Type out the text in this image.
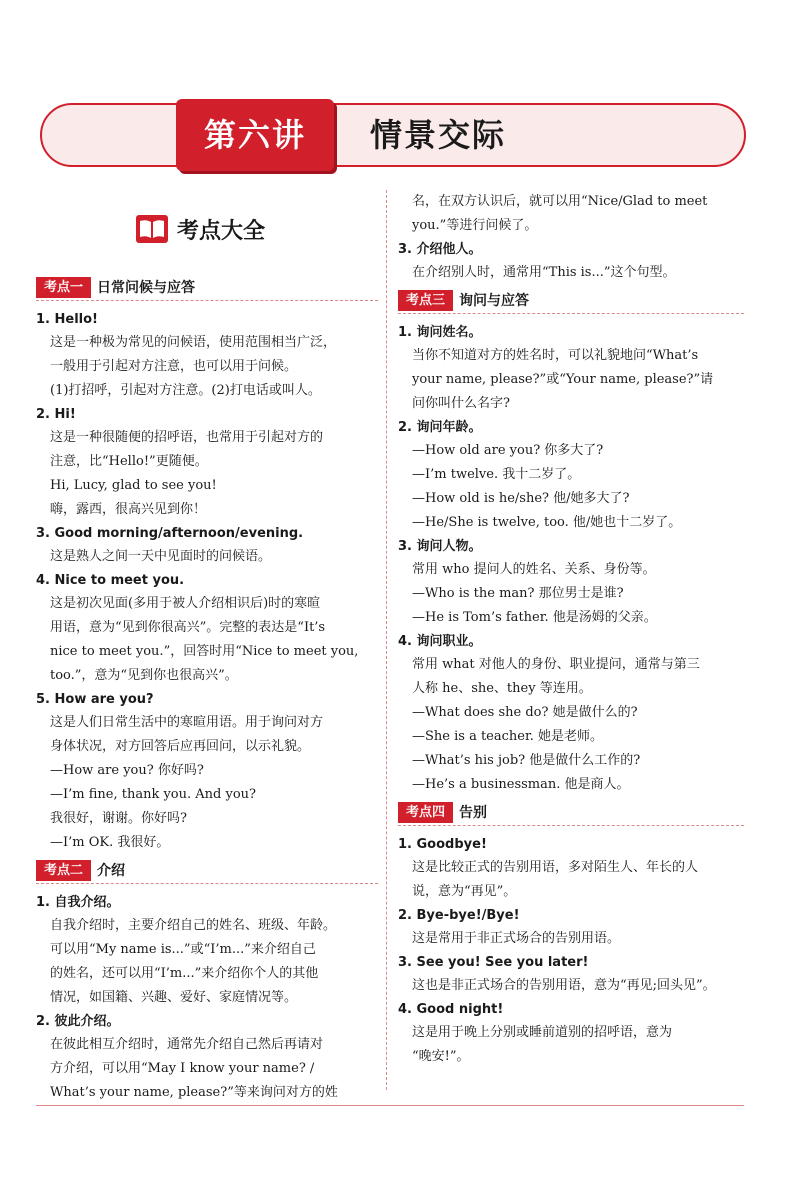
第六讲	情景交际
考点大全
考点一	日常问候与应答
1. Hello!
这是一种极为常见的问候语，使用范围相当广泛，
一般用于引起对方注意，也可以用于问候。
(1)打招呼，引起对方注意。(2)打电话或叫人。
2. Hi!
这是一种很随便的招呼语，也常用于引起对方的
注意，比“Hello!”更随便。
Hi, Lucy, glad to see you!
嗨，露西，很高兴见到你！
3. Good morning/afternoon/evening.
这是熟人之间一天中见面时的问候语。
4. Nice to meet you.
这是初次见面(多用于被人介绍相识后)时的寒暄
用语，意为“见到你很高兴”。完整的表达是“It’s
nice to meet you.”，回答时用“Nice to meet you,
too.”，意为“见到你也很高兴”。
5. How are you?
这是人们日常生活中的寒暄用语。用于询问对方
身体状况，对方回答后应再回问，以示礼貌。
—How are you? 你好吗?
—I’m fine, thank you. And you?
我很好，谢谢。你好吗?
—I’m OK. 我很好。
考点二	介绍
1. 自我介绍。
自我介绍时，主要介绍自己的姓名、班级、年龄。
可以用“My name is...”或“I’m...”来介绍自己
的姓名，还可以用“I’m...”来介绍你个人的其他
情况，如国籍、兴趣、爱好、家庭情况等。
2. 彼此介绍。
在彼此相互介绍时，通常先介绍自己然后再请对
方介绍，可以用“May I know your name? /
What’s your name, please?”等来询问对方的姓
名，在双方认识后，就可以用“Nice/Glad to meet
you.”等进行问候了。
3. 介绍他人。
在介绍别人时，通常用“This is...”这个句型。
考点三	询问与应答
1. 询问姓名。
当你不知道对方的姓名时，可以礼貌地问“What’s
your name, please?”或“Your name, please?”请
问你叫什么名字?
2. 询问年龄。
—How old are you? 你多大了?
—I’m twelve. 我十二岁了。
—How old is he/she? 他/她多大了?
—He/She is twelve, too. 他/她也十二岁了。
3. 询问人物。
常用 who 提问人的姓名、关系、身份等。
—Who is the man? 那位男士是谁?
—He is Tom’s father. 他是汤姆的父亲。
4. 询问职业。
常用 what 对他人的身份、职业提问，通常与第三
人称 he、she、they 等连用。
—What does she do? 她是做什么的?
—She is a teacher. 她是老师。
—What’s his job? 他是做什么工作的?
—He’s a businessman. 他是商人。
考点四	告别
1. Goodbye!
这是比较正式的告别用语，多对陌生人、年长的人
说，意为“再见”。
2. Bye-bye!/Bye!
这是常用于非正式场合的告别用语。
3. See you! See you later!
这也是非正式场合的告别用语，意为“再见;回头见”。
4. Good night!
这是用于晚上分别或睡前道别的招呼语，意为
“晚安!”。
